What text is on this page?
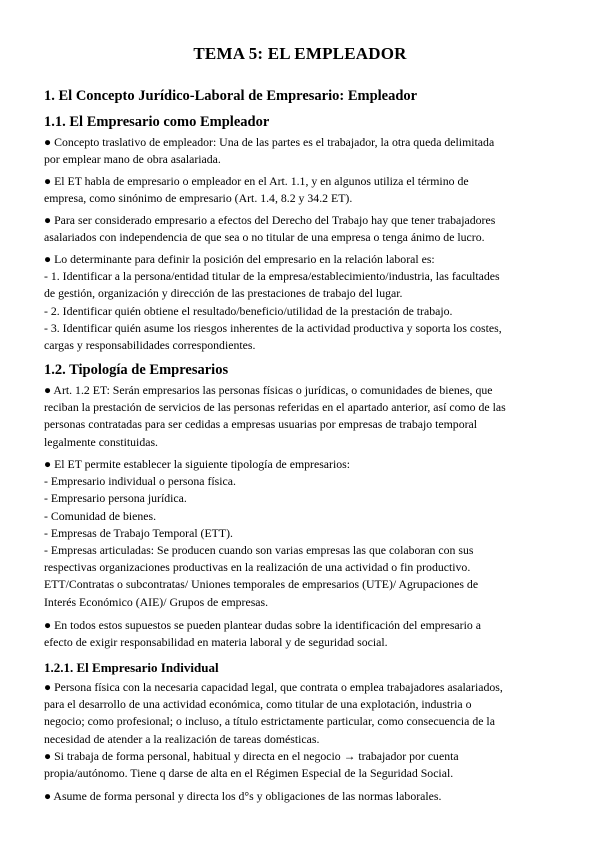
TEMA 5: EL EMPLEADOR
1. El Concepto Jurídico-Laboral de Empresario: Empleador
1.1. El Empresario como Empleador
● Concepto traslativo de empleador: Una de las partes es el trabajador, la otra queda delimitada
por emplear mano de obra asalariada.
● El ET habla de empresario o empleador en el Art. 1.1, y en algunos utiliza el término de
empresa, como sinónimo de empresario (Art. 1.4, 8.2 y 34.2 ET).
● Para ser considerado empresario a efectos del Derecho del Trabajo hay que tener trabajadores
asalariados con independencia de que sea o no titular de una empresa o tenga ánimo de lucro.
● Lo determinante para definir la posición del empresario en la relación laboral es:
- 1. Identificar a la persona/entidad titular de la empresa/establecimiento/industria, las facultades
de gestión, organización y dirección de las prestaciones de trabajo del lugar.
- 2. Identificar quién obtiene el resultado/beneficio/utilidad de la prestación de trabajo.
- 3. Identificar quién asume los riesgos inherentes de la actividad productiva y soporta los costes,
cargas y responsabilidades correspondientes.
1.2. Tipología de Empresarios
● Art. 1.2 ET: Serán empresarios las personas físicas o jurídicas, o comunidades de bienes, que
reciban la prestación de servicios de las personas referidas en el apartado anterior, así como de las
personas contratadas para ser cedidas a empresas usuarias por empresas de trabajo temporal
legalmente constituidas.
● El ET permite establecer la siguiente tipología de empresarios:
- Empresario individual o persona física.
- Empresario persona jurídica.
- Comunidad de bienes.
- Empresas de Trabajo Temporal (ETT).
- Empresas articuladas: Se producen cuando son varias empresas las que colaboran con sus
respectivas organizaciones productivas en la realización de una actividad o fin productivo.
ETT/Contratas o subcontratas/ Uniones temporales de empresarios (UTE)/ Agrupaciones de
Interés Económico (AIE)/ Grupos de empresas.
● En todos estos supuestos se pueden plantear dudas sobre la identificación del empresario a
efecto de exigir responsabilidad en materia laboral y de seguridad social.
1.2.1. El Empresario Individual
● Persona física con la necesaria capacidad legal, que contrata o emplea trabajadores asalariados,
para el desarrollo de una actividad económica, como titular de una explotación, industria o
negocio; como profesional; o incluso, a título estrictamente particular, como consecuencia de la
necesidad de atender a la realización de tareas domésticas.
● Si trabaja de forma personal, habitual y directa en el negocio → trabajador por cuenta
propia/autónomo. Tiene q darse de alta en el Régimen Especial de la Seguridad Social.
● Asume de forma personal y directa los d°s y obligaciones de las normas laborales.
